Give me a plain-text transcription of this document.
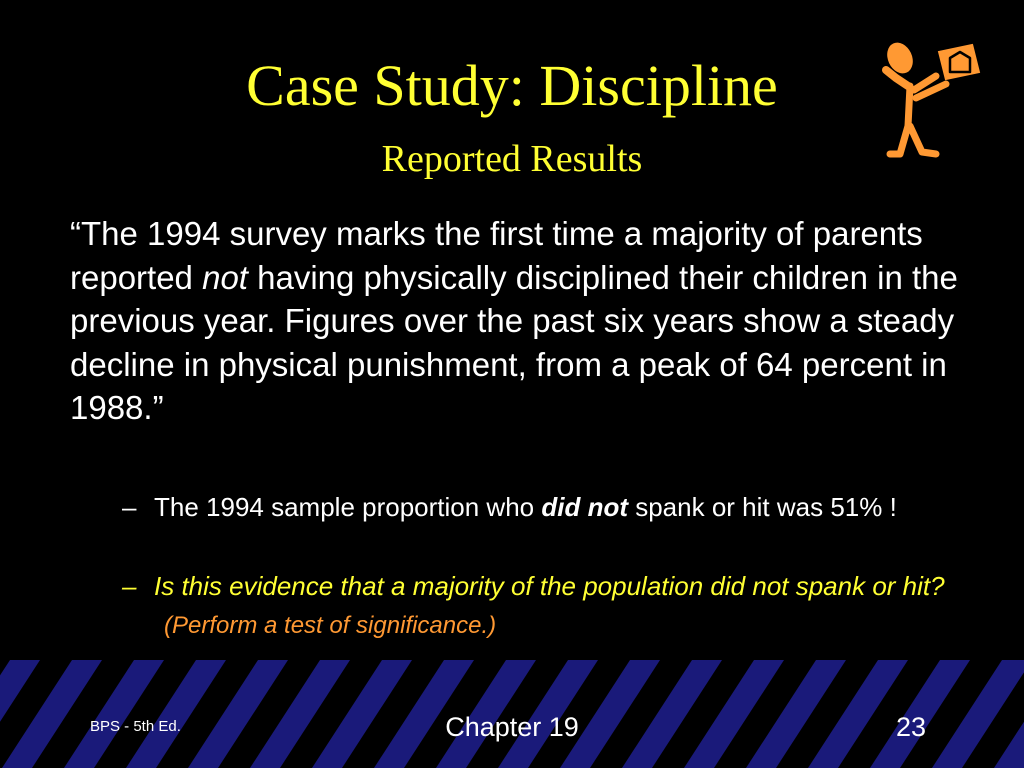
Case Study: Discipline
Reported Results
“The 1994 survey marks the first time a majority of parents reported not having physically disciplined their children in the previous year. Figures over the past six years show a steady decline in physical punishment, from a peak of 64 percent in 1988.”
– The 1994 sample proportion who did not spank or hit was 51% !
– Is this evidence that a majority of the population did not spank or hit?(Perform a test of significance.)
BPS - 5th Ed.	Chapter 19	23
